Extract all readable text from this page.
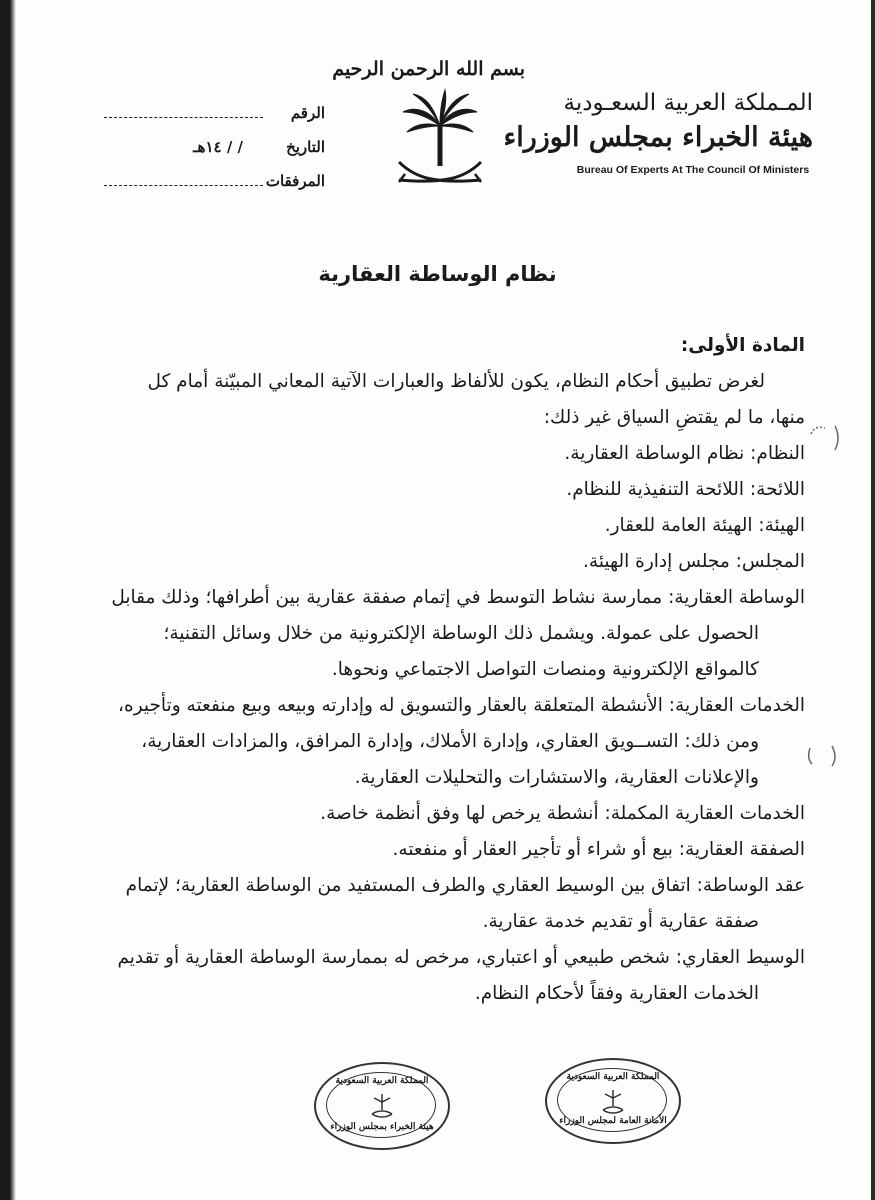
المـملكة العربية السعـودية
هيئة الخبراء بمجلس الوزراء
Bureau Of Experts At The Council Of Ministers
بسم الله الرحمن الرحيم
الرقم
التاريخ
/ / ١٤هـ
المرفقات
نظام الوساطة العقارية

المادة الأولى:

لغرض تطبيق أحكام النظام، يكون للألفاظ والعبارات الآتية المعاني المبيّنة أمام كل

منها، ما لم يقتضِ السياق غير ذلك:

النظام: نظام الوساطة العقارية.

اللائحة: اللائحة التنفيذية للنظام.

الهيئة: الهيئة العامة للعقار.

المجلس: مجلس إدارة الهيئة.

الوساطة العقارية: ممارسة نشاط التوسط في إتمام صفقة عقارية بين أطرافها؛ وذلك مقابل

الحصول على عمولة. ويشمل ذلك الوساطة الإلكترونية من خلال وسائل التقنية؛

كالمواقع الإلكترونية ومنصات التواصل الاجتماعي ونحوها.

الخدمات العقارية: الأنشطة المتعلقة بالعقار والتسويق له وإدارته وبيعه وبيع منفعته وتأجيره،

ومن ذلك: التســويق العقاري، وإدارة الأملاك، وإدارة المرافق، والمزادات العقارية،

والإعلانات العقارية، والاستشارات والتحليلات العقارية.

الخدمات العقارية المكملة: أنشطة يرخص لها وفق أنظمة خاصة.

الصفقة العقارية: بيع أو شراء أو تأجير العقار أو منفعته.

عقد الوساطة: اتفاق بين الوسيط العقاري والطرف المستفيد من الوساطة العقارية؛ لإتمام

صفقة عقارية أو تقديم خدمة عقارية.

الوسيط العقاري: شخص طبيعي أو اعتباري، مرخص له بممارسة الوساطة العقارية أو تقديم

الخدمات العقارية وفقاً لأحكام النظام.

المملكة العربية السعودية
هيئة الخبراء بمجلس الوزراء
المملكة العربية السعودية
الأمانة العامة لمجلس الوزراء
